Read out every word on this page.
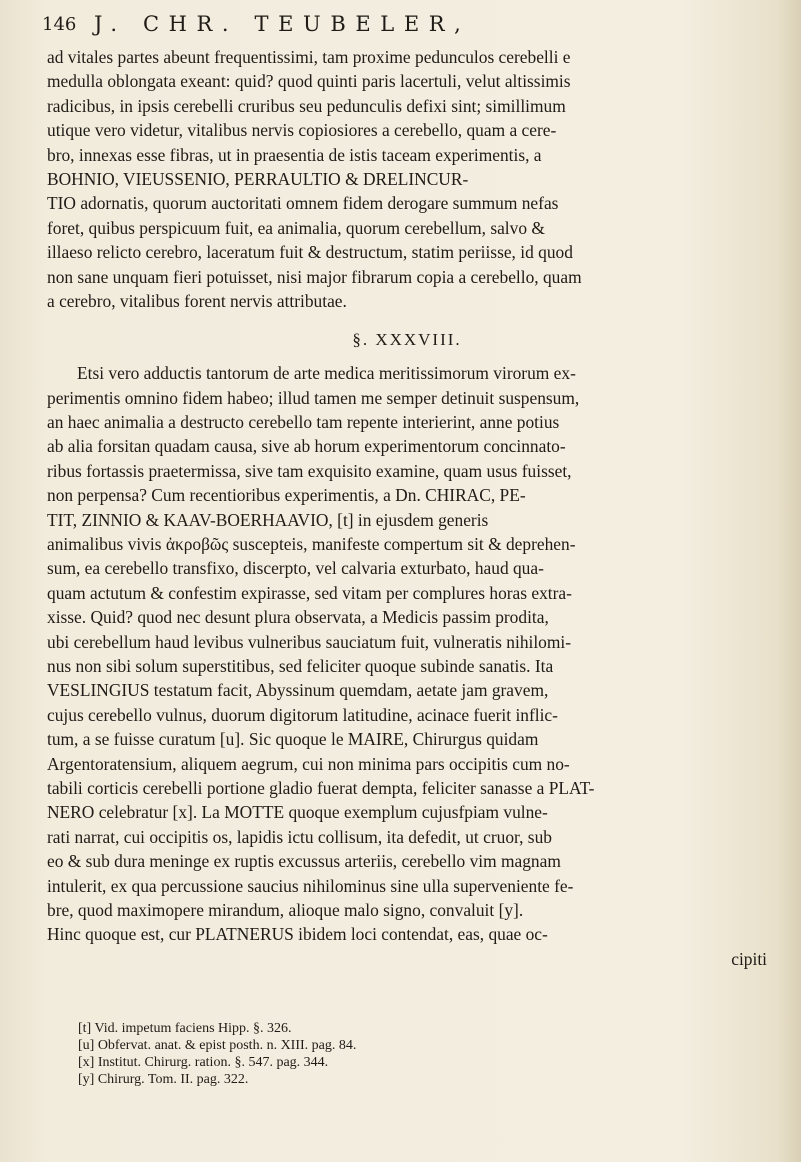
146 J. CHR. TEUBELER,
ad vitales partes abeunt frequentissimi, tam proxime pedunculos cerebelli e
medulla oblongata exeant: quid? quod quinti paris lacertuli, velut altissimis
radicibus, in ipsis cerebelli cruribus seu pedunculis defixi sint; simillimum
utique vero videtur, vitalibus nervis copiosiores a cerebello, quam a cere-
bro, innexas esse fibras, ut in praesentia de istis taceam experimentis, a
BOHNIO, VIEUSSENIO, PERRAULTIO & DRELINCUR-
TIO adornatis, quorum auctoritati omnem fidem derogare summum nefas
foret, quibus perspicuum fuit, ea animalia, quorum cerebellum, salvo &
illaeso relicto cerebro, laceratum fuit & destructum, statim periisse, id quod
non sane unquam fieri potuisset, nisi major fibrarum copia a cerebello, quam
a cerebro, vitalibus forent nervis attributae.
§. XXXVIII.
Etsi vero adductis tantorum de arte medica meritissimorum virorum ex-
perimentis omnino fidem habeo; illud tamen me semper detinuit suspensum,
an haec animalia a destructo cerebello tam repente interierint, anne potius
ab alia forsitan quadam causa, sive ab horum experimentorum concinnato-
ribus fortassis praetermissa, sive tam exquisito examine, quam usus fuisset,
non perpensa? Cum recentioribus experimentis, a Dn. CHIRAC, PE-
TIT, ZINNIO & KAAV-BOERHAAVIO, [t] in ejusdem generis
animalibus vivis ἀκροβῶς suscepteis, manifeste compertum sit & deprehen-
sum, ea cerebello transfixo, discerpto, vel calvaria exturbato, haud qua-
quam actutum & confestim expirasse, sed vitam per complures horas extra-
xisse. Quid? quod nec desunt plura observata, a Medicis passim prodita,
ubi cerebellum haud levibus vulneribus sauciatum fuit, vulneratis nihilomi-
nus non sibi solum superstitibus, sed feliciter quoque subinde sanatis. Ita
VESLINGIUS testatum facit, Abyssinum quemdam, aetate jam gravem,
cujus cerebello vulnus, duorum digitorum latitudine, acinace fuerit inflic-
tum, a se fuisse curatum [u]. Sic quoque le MAIRE, Chirurgus quidam
Argentoratensium, aliquem aegrum, cui non minima pars occipitis cum no-
tabili corticis cerebelli portione gladio fuerat dempta, feliciter sanasse a PLAT-
NERO celebratur [x]. La MOTTE quoque exemplum cujusfpiam vulne-
rati narrat, cui occipitis os, lapidis ictu collisum, ita defedit, ut cruor, sub
eo & sub dura meninge ex ruptis excussus arteriis, cerebello vim magnam
intulerit, ex qua percussione saucius nihilominus sine ulla superveniente fe-
bre, quod maximopere mirandum, alioque malo signo, convaluit [y].
Hinc quoque est, cur PLATNERUS ibidem loci contendat, eas, quae oc-
cipiti
[t] Vid. impetum faciens Hipp. §. 326.
[u] Obfervat. anat. & epist posth. n. XIII. pag. 84.
[x] Institut. Chirurg. ration. §. 547. pag. 344.
[y] Chirurg. Tom. II. pag. 322.
